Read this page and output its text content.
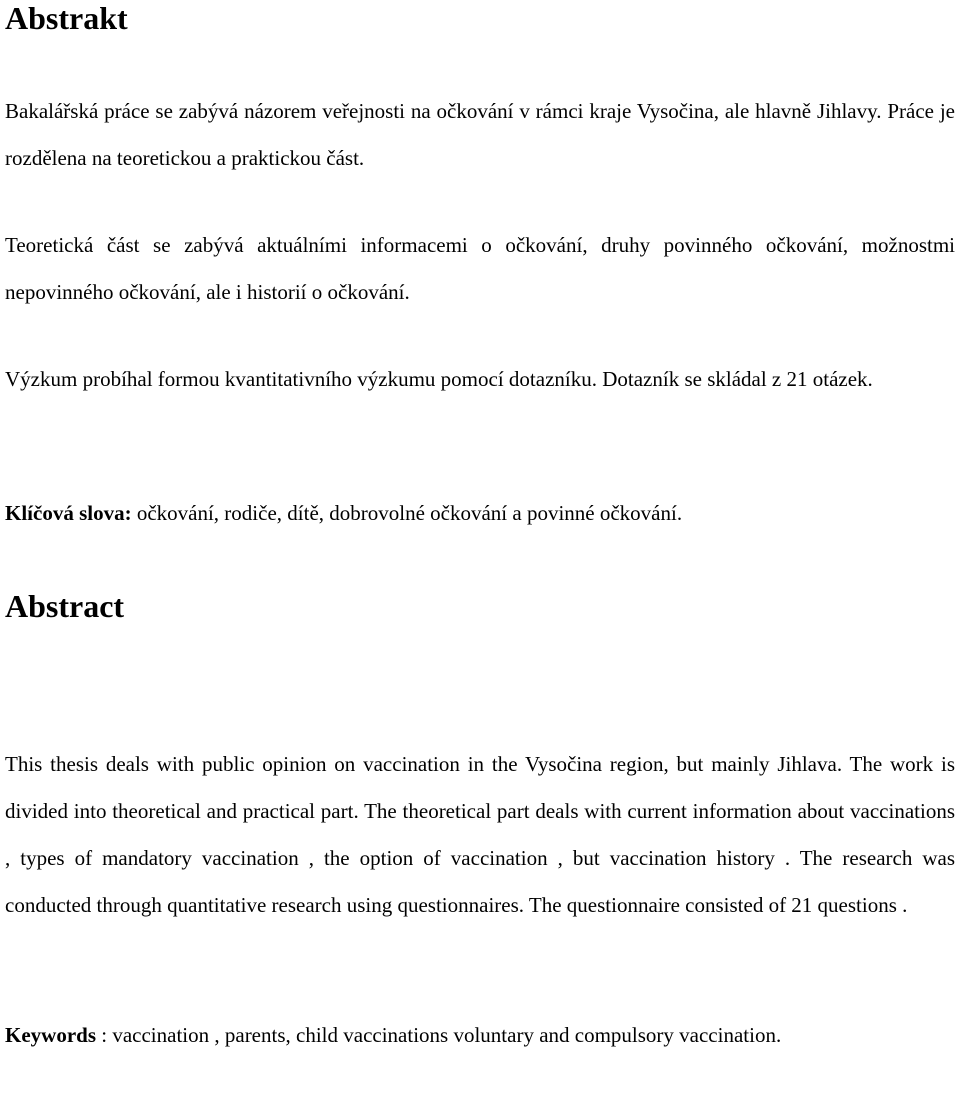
Abstrakt

Bakalářská práce se zabývá názorem veřejnosti na očkování v rámci kraje Vysočina, ale hlavně Jihlavy. Práce je rozdělena na teoretickou a praktickou část.

Teoretická část se zabývá aktuálními informacemi o očkování, druhy povinného očkování, možnostmi nepovinného očkování, ale i historií o očkování.

Výzkum probíhal formou kvantitativního výzkumu pomocí dotazníku. Dotazník se skládal z 21 otázek.

Klíčová slova: očkování, rodiče, dítě, dobrovolné očkování a povinné očkování.

Abstract

This thesis deals with public opinion on vaccination in the Vysočina region, but mainly Jihlava. The work is divided into theoretical and practical part. The theoretical part deals with current information about vaccinations , types of mandatory vaccination , the option of vaccination , but vaccination history . The research was conducted through quantitative research using questionnaires. The questionnaire consisted of 21 questions .

Keywords : vaccination , parents, child vaccinations voluntary and compulsory vaccination.
